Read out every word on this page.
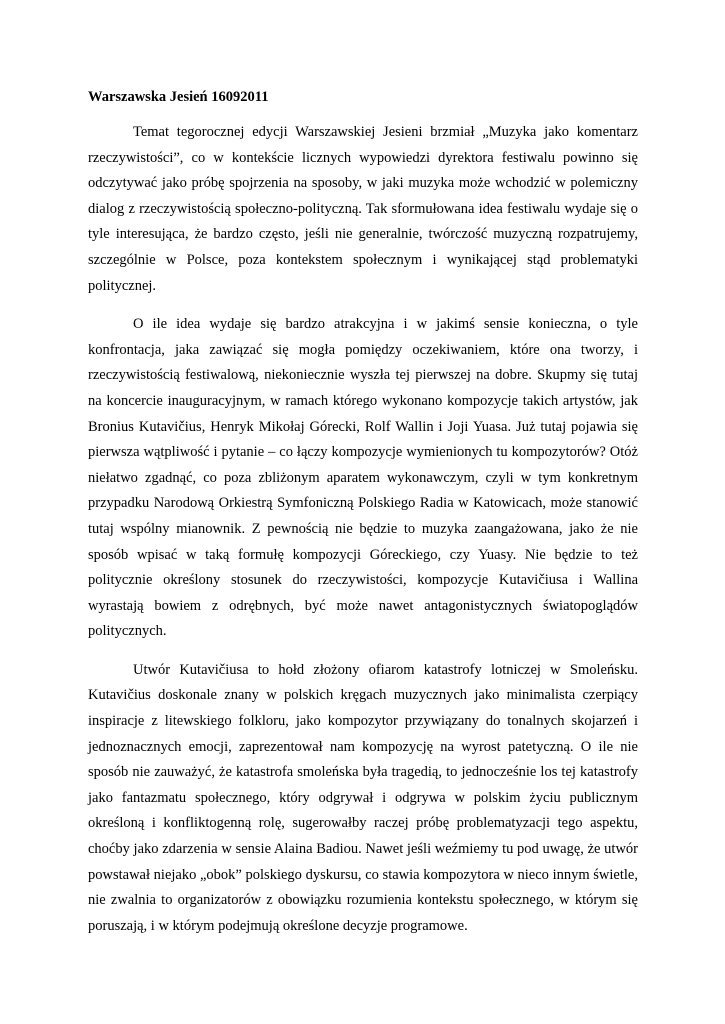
Warszawska Jesień 16092011

Temat tegorocznej edycji Warszawskiej Jesieni brzmiał „Muzyka jako komentarz rzeczywistości”, co w kontekście licznych wypowiedzi dyrektora festiwalu powinno się odczytywać jako próbę spojrzenia na sposoby, w jaki muzyka może wchodzić w polemiczny dialog z rzeczywistością społeczno-polityczną. Tak sformułowana idea festiwalu wydaje się o tyle interesująca, że bardzo często, jeśli nie generalnie, twórczość muzyczną rozpatrujemy, szczególnie w Polsce, poza kontekstem społecznym i wynikającej stąd problematyki politycznej.

O ile idea wydaje się bardzo atrakcyjna i w jakimś sensie konieczna, o tyle konfrontacja, jaka zawiązać się mogła pomiędzy oczekiwaniem, które ona tworzy, i rzeczywistością festiwalową, niekoniecznie wyszła tej pierwszej na dobre. Skupmy się tutaj na koncercie inauguracyjnym, w ramach którego wykonano kompozycje takich artystów, jak Bronius Kutavičius, Henryk Mikołaj Górecki, Rolf Wallin i Joji Yuasa. Już tutaj pojawia się pierwsza wątpliwość i pytanie – co łączy kompozycje wymienionych tu kompozytorów? Otóż niełatwo zgadnąć, co poza zbliżonym aparatem wykonawczym, czyli w tym konkretnym przypadku Narodową Orkiestrą Symfoniczną Polskiego Radia w Katowicach, może stanowić tutaj wspólny mianownik. Z pewnością nie będzie to muzyka zaangażowana, jako że nie sposób wpisać w taką formułę kompozycji Góreckiego, czy Yuasy. Nie będzie to też politycznie określony stosunek do rzeczywistości, kompozycje Kutavičiusa i Wallina wyrastają bowiem z odrębnych, być może nawet antagonistycznych światopoglądów politycznych.

Utwór Kutavičiusa to hołd złożony ofiarom katastrofy lotniczej w Smoleńsku. Kutavičius doskonale znany w polskich kręgach muzycznych jako minimalista czerpiący inspiracje z litewskiego folkloru, jako kompozytor przywiązany do tonalnych skojarzeń i jednoznacznych emocji, zaprezentował nam kompozycję na wyrost patetyczną. O ile nie sposób nie zauważyć, że katastrofa smoleńska była tragedią, to jednocześnie los tej katastrofy jako fantazmatu społecznego, który odgrywał i odgrywa w polskim życiu publicznym określoną i konfliktogenną rolę, sugerowałby raczej próbę problematyzacji tego aspektu, choćby jako zdarzenia w sensie Alaina Badiou. Nawet jeśli weźmiemy tu pod uwagę, że utwór powstawał niejako „obok” polskiego dyskursu, co stawia kompozytora w nieco innym świetle, nie zwalnia to organizatorów z obowiązku rozumienia kontekstu społecznego, w którym się poruszają, i w którym podejmują określone decyzje programowe.
